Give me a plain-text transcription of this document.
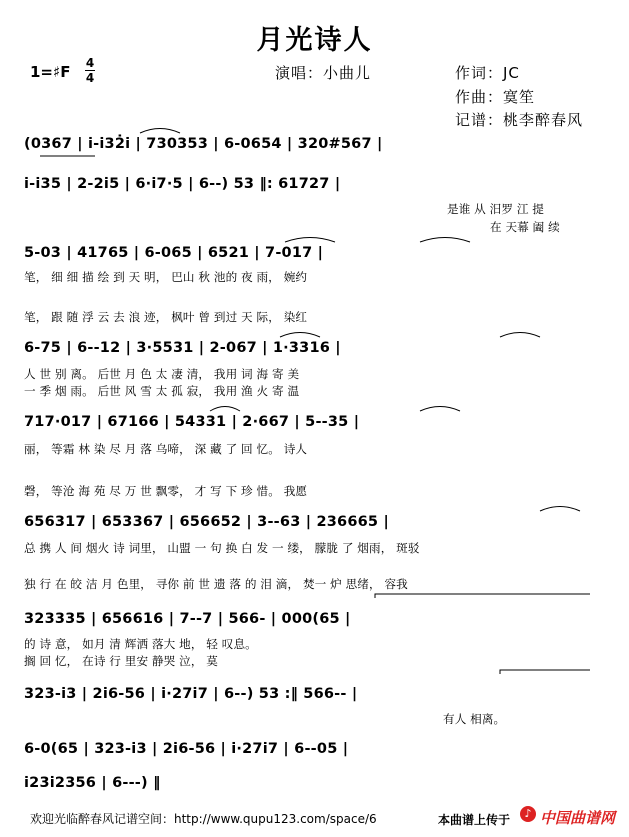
月光诗人
1=♯F 4
4	演唱：小曲儿	作词：JC
作曲：寞笙
记谱：桃李醉春风
(0367 | i̇‑i̇32̇i̇ | 730353 | 6‑0654 | 320#567 |
i̇‑i̇35 | 2‑2i̇5 | 6·i̇7·5 | 6‑‑) 53 ‖: 61727 |
是谁 从 汨罗 江 提
在 天幕 阖 续
5‑03 | 41765 | 6‑065 | 6521 | 7‑017 |
笔， 细 细 描 绘 到 天 明， 巴山 秋 池的 夜 雨， 婉约
笔， 跟 随 浮 云 去 浪 迹， 枫叶 曾 到过 天 际， 染红
6‑75 | 6‑‑12 | 3·5531 | 2‑067 | 1·3316 |
人 世 别 离。 后世 月 色 太 凄 清， 我用 词 海 寄 美
一 季 烟 雨。 后世 风 雪 太 孤 寂， 我用 渔 火 寄 温
717·017 | 67166 | 54331 | 2·667 | 5‑‑35 |
丽， 等霜 林 染 尽 月 落 乌啼， 深 藏 了 回 忆。 诗人
磬， 等沧 海 苑 尽 万 世 飘零， 才 写 下 珍 惜。 我愿
656317 | 653367 | 656652 | 3‑‑63 | 236665 |
总 携 人 间 烟火 诗 词里， 山盟 一 句 换 白 发 一 缕， 朦胧 了 烟雨， 斑驳
独 行 在 皎 洁 月 色里， 寻你 前 世 遗 落 的 泪 滴， 焚一 炉 思绪， 容我
323335 | 656616 | 7‑‑7 | 566‑ | 000(65 |
的 诗 意， 如月 清 辉洒 落大 地， 轻 叹息。
搁 回 忆， 在诗 行 里安 静哭 泣， 莫
323‑i̇3 | 2i̇6‑56 | i̇·27i̇7 | 6‑‑) 53 :‖ 566‑‑ |
有人 相离。
6‑0(65 | 323‑i̇3 | 2i̇6‑56 | i̇·27i̇7 | 6‑‑05 |
i̇23i̇2356 | 6‑‑‑) ‖
欢迎光临醉春风记谱空间：http://www.qupu123.com/space/6	本曲谱上传于	♪ 中国曲谱网
